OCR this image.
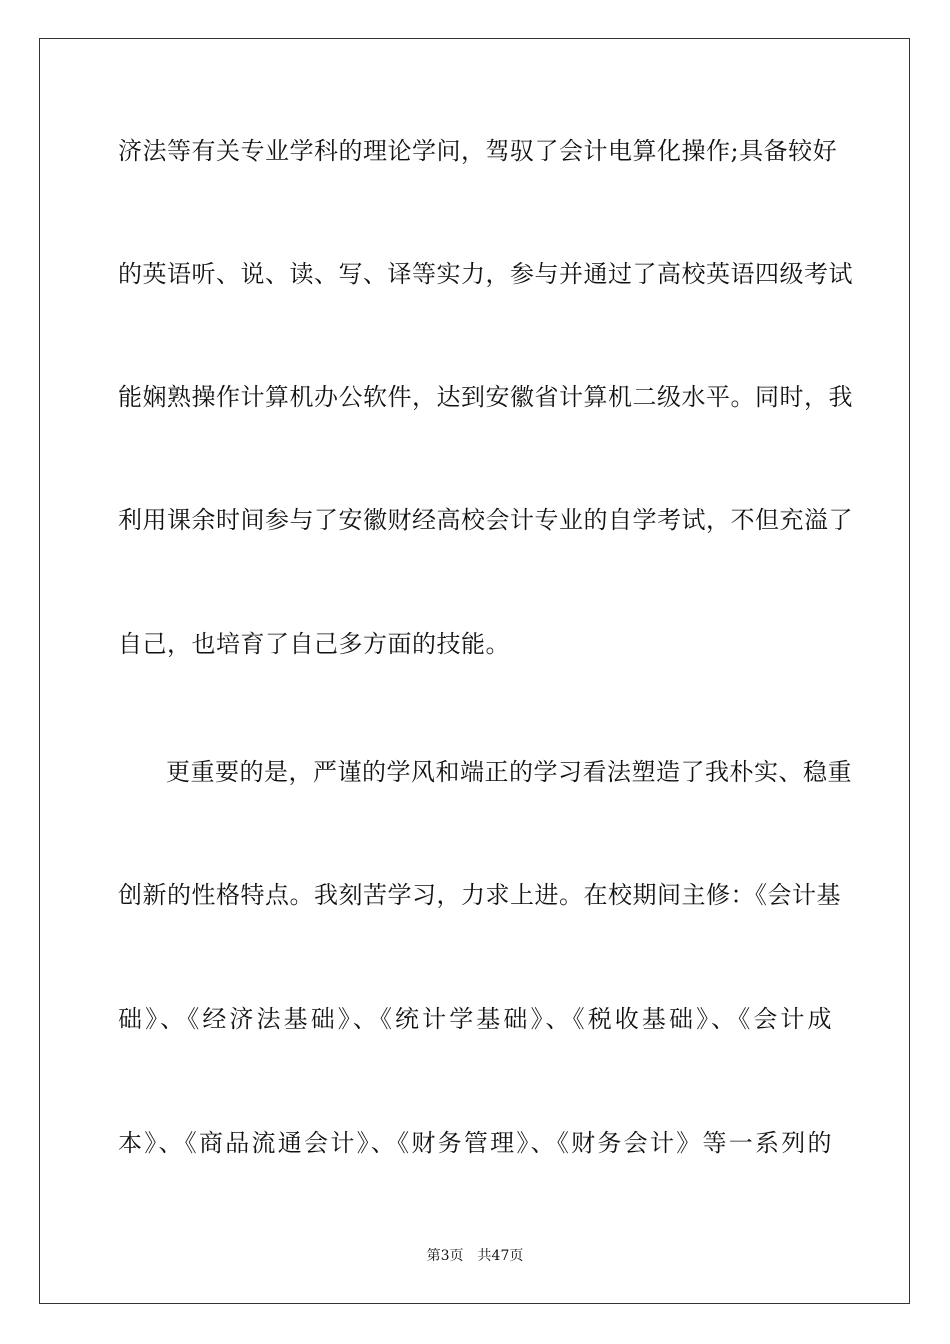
济法等有关专业学科的理论学问，驾驭了会计电算化操作;具备较好
的英语听、说、读、写、译等实力，参与并通过了高校英语四级考试
能娴熟操作计算机办公软件，达到安徽省计算机二级水平。同时，我
利用课余时间参与了安徽财经高校会计专业的自学考试，不但充溢了
自己，也培育了自己多方面的技能。
更重要的是，严谨的学风和端正的学习看法塑造了我朴实、稳重
创新的性格特点。我刻苦学习，力求上进。在校期间主修：《会计基
础》、《经济法基础》、《统计学基础》、《税收基础》、《会计成
本》、《商品流通会计》、《财务管理》、《财务会计》等一系列的
第3页 共47页
